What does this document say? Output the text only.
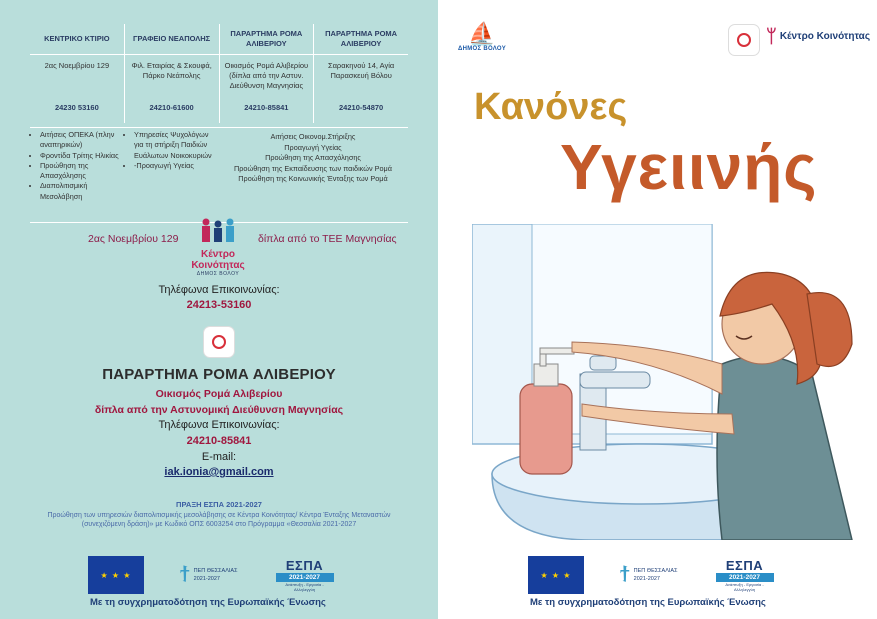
ΚΕΝΤΡΙΚΟ ΚΤΙΡΙΟ
2ας Νοεμβρίου 129
24230 53160
ΓΡΑΦΕΙΟ ΝΕΑΠΟΛΗΣ
Φιλ. Εταιρίας & Σκουφά, Πάρκο Νεάπολης
24210-61600
ΠΑΡΑΡΤΗΜΑ ΡΟΜΑ ΑΛΙΒΕΡΙΟΥ
Οικισμός Ρομά Αλιβερίου (δίπλα από την Αστυν. Διεύθυνση Μαγνησίας
24210-85841
ΠΑΡΑΡΤΗΜΑ ΡΟΜΑ ΑΛΙΒΕΡΙΟΥ
Σαρακηνού 14, Αγία Παρασκευή Βόλου
24210-54870
• Αιτήσεις ΟΠΕΚΑ (πλην αναπηρικών)
• Φροντίδα Τρίτης Ηλικίας
• Προώθηση της Απασχόλησης
• Διαπολιτισμική Μεσολάβηση
• Υπηρεσίες Ψυχολόγων για τη στήριξη Παιδιών Ευάλωτων Νοικοκυριών
• -Προαγωγή Υγείας
Αιτήσεις Οικονομ.Στήριξης
Προαγωγή Υγείας
Προώθηση της Απασχόλησης
Προώθηση της Εκπαίδευσης των παιδικών Ρομά
Προώθηση της Κοινωνικής Ένταξης των Ρομά
2ας Νοεμβρίου 129
Κέντρο Κοινότητας
ΔΗΜΟΣ ΒΟΛΟΥ
δίπλα από το ΤΕΕ Μαγνησίας
Τηλέφωνα Επικοινωνίας:
24213-53160
ΠΑΡΑΡΤΗΜΑ ΡΟΜΑ ΑΛΙΒΕΡΙΟΥ
Οικισμός Ρομά Αλιβερίου
δίπλα από την Αστυνομική Διεύθυνση Μαγνησίας
Τηλέφωνα Επικοινωνίας:
24210-85841
E-mail:
iak.ionia@gmail.com
ΠΡΑΞΗ ΕΣΠΑ 2021-2027
Προώθηση των υπηρεσιών διαπολιτισμικής μεσολάβησης σε Κέντρα Κοινότητας/ Κέντρα Ένταξης Μεταναστών (συνεχιζόμενη δράση)» με Κωδικό ΟΠΣ 6003254 στο Πρόγραμμα «Θεσσαλία 2021-2027
★ ★ ★	ϯ ΠΕΠ ΘΕΣΣΑΛΙΑΣ
2021-2027
ΕΣΠΑ
2021-2027
Ανάπτυξη - Εργασία - Αλληλεγγύη
Με τη συγχρηματοδότηση της Ευρωπαϊκής Ένωσης
⛵
ΔΗΜΟΣ ΒΟΛΟΥ
ᛘ Κέντρο Κοινότητας
Κανόνες
Υγειινής
★ ★ ★	ϯ ΠΕΠ ΘΕΣΣΑΛΙΑΣ
2021-2027
ΕΣΠΑ
2021-2027
Ανάπτυξη - Εργασία - Αλληλεγγύη
Με τη συγχρηματοδότηση της Ευρωπαϊκής Ένωσης
